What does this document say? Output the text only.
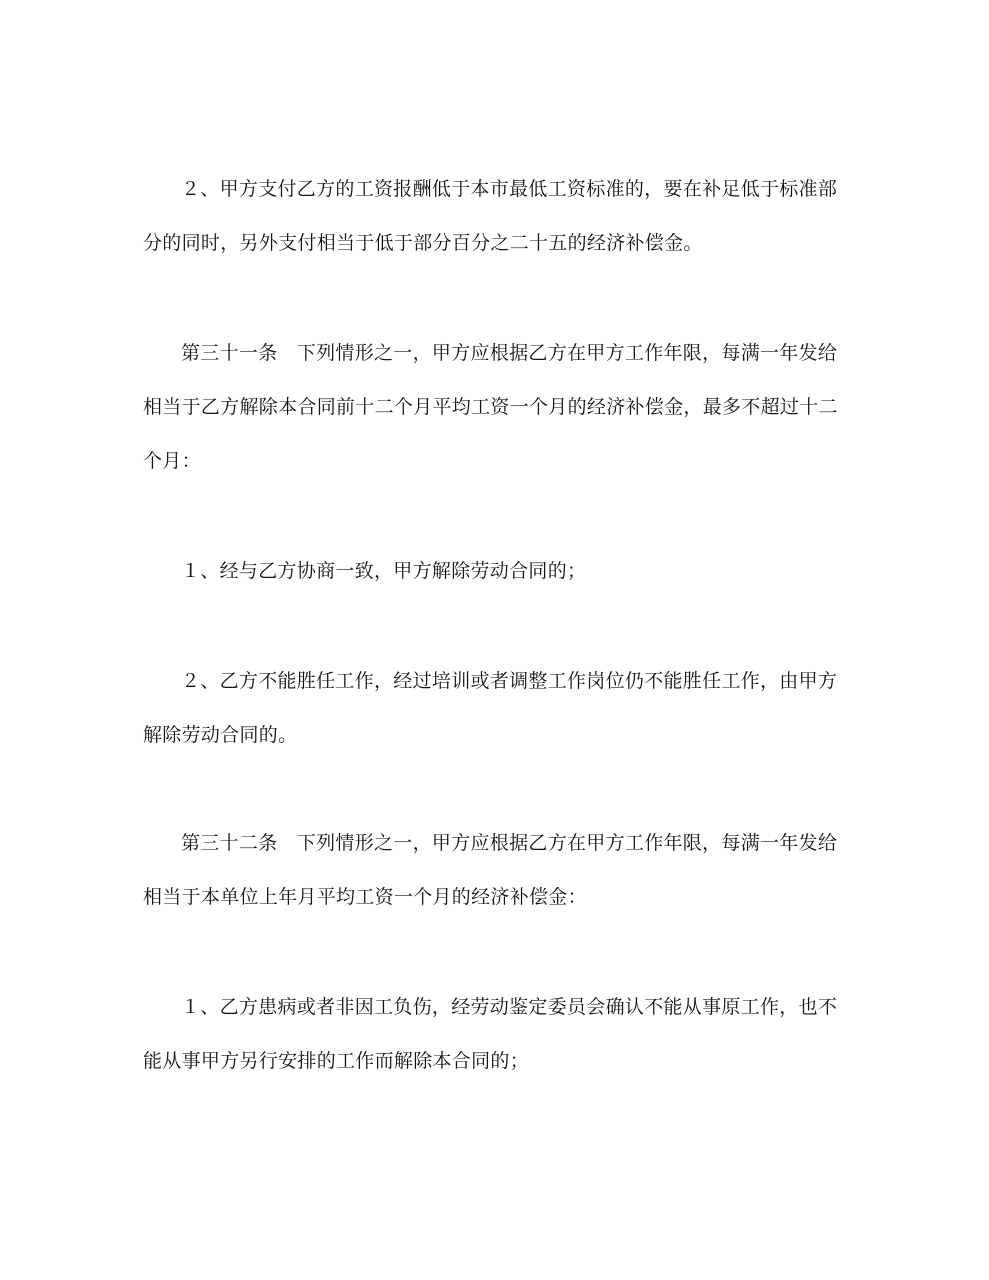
２、甲方支付乙方的工资报酬低于本市最低工资标准的，要在补足低于标准部分的同时，另外支付相当于低于部分百分之二十五的经济补偿金。

第三十一条　下列情形之一，甲方应根据乙方在甲方工作年限，每满一年发给相当于乙方解除本合同前十二个月平均工资一个月的经济补偿金，最多不超过十二个月：

１、经与乙方协商一致，甲方解除劳动合同的；

２、乙方不能胜任工作，经过培训或者调整工作岗位仍不能胜任工作，由甲方解除劳动合同的。

第三十二条　下列情形之一，甲方应根据乙方在甲方工作年限，每满一年发给相当于本单位上年月平均工资一个月的经济补偿金：

１、乙方患病或者非因工负伤，经劳动鉴定委员会确认不能从事原工作，也不能从事甲方另行安排的工作而解除本合同的；
